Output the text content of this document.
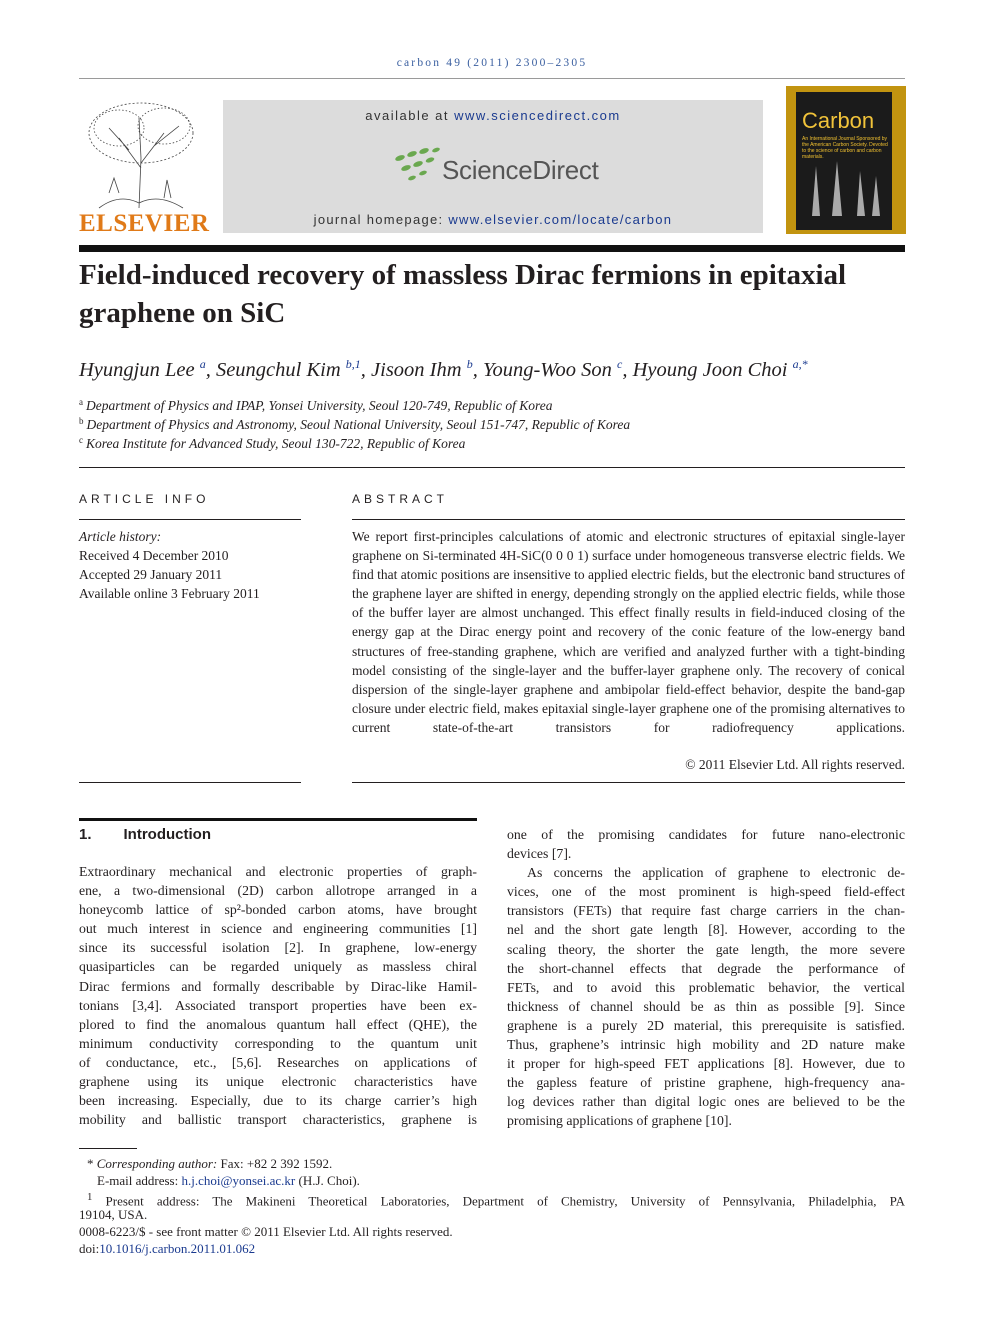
carbon 49 (2011) 2300–2305
ELSEVIER
available at www.sciencedirect.com
ScienceDirect
journal homepage: www.elsevier.com/locate/carbon
Carbon
An International Journal Sponsored by the American Carbon Society. Devoted to the science of carbon and carbon materials.
Field-induced recovery of massless Dirac fermions in epitaxial graphene on SiC
Hyungjun Lee $^a$, Seungchul Kim $^{b,1}$, Jisoon Ihm $^b$, Young-Woo Son $^c$, Hyoung Joon Choi $^{a,*}$
$^a$ Department of Physics and IPAP, Yonsei University, Seoul 120-749, Republic of Korea
$^b$ Department of Physics and Astronomy, Seoul National University, Seoul 151-747, Republic of Korea
$^c$ Korea Institute for Advanced Study, Seoul 130-722, Republic of Korea
ARTICLE INFO
Article history:
Received 4 December 2010
Accepted 29 January 2011
Available online 3 February 2011
ABSTRACT
We report first-principles calculations of atomic and electronic structures of epitaxial single-layer graphene on Si-terminated 4H-SiC(0 0 0 1) surface under homogeneous transverse electric fields. We find that atomic positions are insensitive to applied electric fields, but the electronic band structures of the graphene layer are shifted in energy, depending strongly on the applied electric fields, while those of the buffer layer are almost unchanged. This effect finally results in field-induced closing of the energy gap at the Dirac energy point and recovery of the conic feature of the low-energy band structures of free-standing graphene, which are verified and analyzed further with a tight-binding model consisting of the single-layer and the buffer-layer graphene only. The recovery of conical dispersion of the single-layer graphene and ambipolar field-effect behavior, despite the band-gap closure under electric field, makes epitaxial single-layer graphene one of the promising alternatives to current state-of-the-art transistors for radiofrequency applications.
© 2011 Elsevier Ltd. All rights reserved.
1. Introduction
Extraordinary mechanical and electronic properties of graph-
ene, a two-dimensional (2D) carbon allotrope arranged in a
honeycomb lattice of sp²-bonded carbon atoms, have brought
out much interest in science and engineering communities [1]
since its successful isolation [2]. In graphene, low-energy
quasiparticles can be regarded uniquely as massless chiral
Dirac fermions and formally describable by Dirac-like Hamil-
tonians [3,4]. Associated transport properties have been ex-
plored to find the anomalous quantum hall effect (QHE), the
minimum conductivity corresponding to the quantum unit
of conductance, etc., [5,6]. Researches on applications of
graphene using its unique electronic characteristics have
been increasing. Especially, due to its charge carrier’s high
mobility and ballistic transport characteristics, graphene is
one of the promising candidates for future nano-electronic
devices [7].
As concerns the application of graphene to electronic de-
vices, one of the most prominent is high-speed field-effect
transistors (FETs) that require fast charge carriers in the chan-
nel and the short gate length [8]. However, according to the
scaling theory, the shorter the gate length, the more severe
the short-channel effects that degrade the performance of
FETs, and to avoid this problematic behavior, the vertical
thickness of channel should be as thin as possible [9]. Since
graphene is a purely 2D material, this prerequisite is satisfied.
Thus, graphene’s intrinsic high mobility and 2D nature make
it proper for high-speed FET applications [8]. However, due to
the gapless feature of pristine graphene, high-frequency ana-
log devices rather than digital logic ones are believed to be the
promising applications of graphene [10].
* Corresponding author: Fax: +82 2 392 1592.
E-mail address: h.j.choi@yonsei.ac.kr (H.J. Choi).
$^1$ Present address: The Makineni Theoretical Laboratories, Department of Chemistry, University of Pennsylvania, Philadelphia, PA
19104, USA.
0008-6223/$ - see front matter © 2011 Elsevier Ltd. All rights reserved.
doi:10.1016/j.carbon.2011.01.062
